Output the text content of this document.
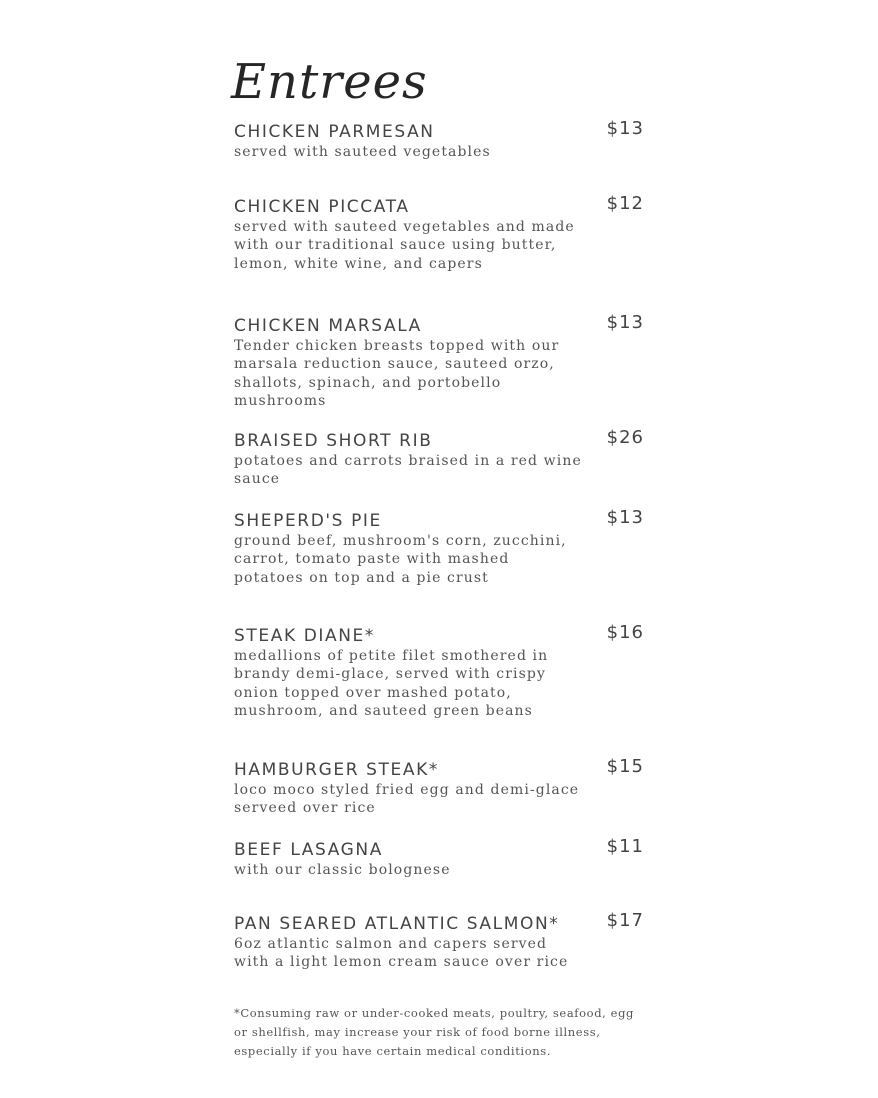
Entrees
CHICKEN PARMESAN	$13
served with sauteed vegetables
CHICKEN PICCATA	$12
served with sauteed vegetables and made with our traditional sauce using butter, lemon, white wine, and capers
CHICKEN MARSALA	$13
Tender chicken breasts topped with our marsala reduction sauce, sauteed orzo, shallots, spinach, and portobello mushrooms
BRAISED SHORT RIB	$26
potatoes and carrots braised in a red wine sauce
SHEPERD'S PIE	$13
ground beef, mushroom's corn, zucchini, carrot, tomato paste with mashed potatoes on top and a pie crust
STEAK DIANE*	$16
medallions of petite filet smothered in brandy demi-glace, served with crispy onion topped over mashed potato, mushroom, and sauteed green beans
HAMBURGER STEAK*	$15
loco moco styled fried egg and demi-glace serveed over rice
BEEF LASAGNA	$11
with our classic bolognese
PAN SEARED ATLANTIC SALMON*	$17
6oz atlantic salmon and capers served with a light lemon cream sauce over rice
*Consuming raw or under-cooked meats, poultry, seafood, egg or shellfish, may increase your risk of food borne illness, especially if you have certain medical conditions.
